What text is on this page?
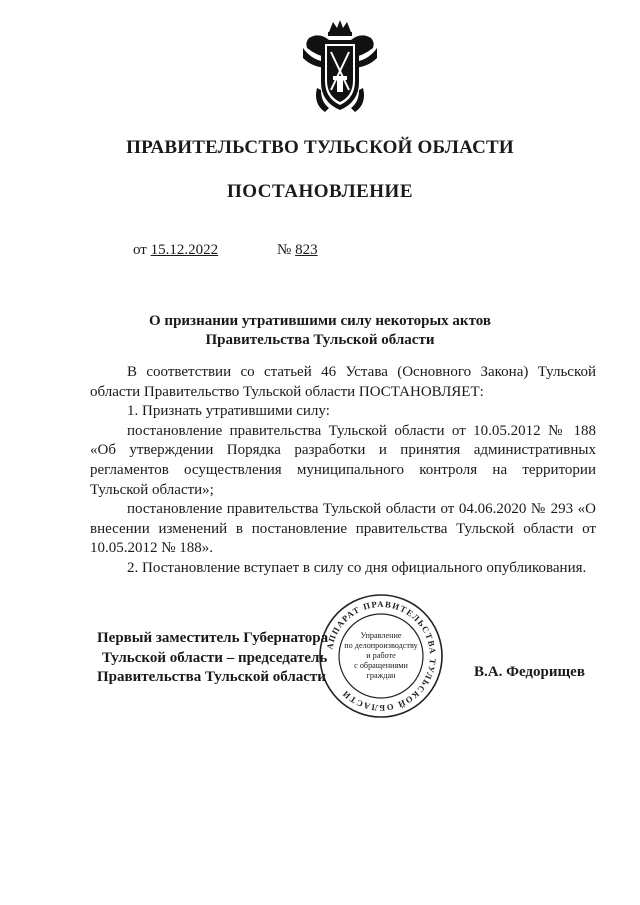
ПРАВИТЕЛЬСТВО ТУЛЬСКОЙ ОБЛАСТИ
ПОСТАНОВЛЕНИЕ
от 15.12.2022	№ 823
О признании утратившими силу некоторых актов
Правительства Тульской области

В соответствии со статьей 46 Устава (Основного Закона) Тульской области Правительство Тульской области ПОСТАНОВЛЯЕТ:

1. Признать утратившими силу:

постановление правительства Тульской области от 10.05.2012 № 188 «Об утверждении Порядка разработки и принятия административных регламентов осуществления муниципального контроля на территории Тульской области»;

постановление правительства Тульской области от 04.06.2020 № 293 «О внесении изменений в постановление правительства Тульской области от 10.05.2012 № 188».

2. Постановление вступает в силу со дня официального опубликования.

АППАРАТ ПРАВИТЕЛЬСТВА ТУЛЬСКОЙ ОБЛАСТИ
Управление
по делопроизводству
и работе
с обращениями
граждан
Первый заместитель Губернатора
Тульской области – председатель
Правительства Тульской области	В.А. Федорищев
